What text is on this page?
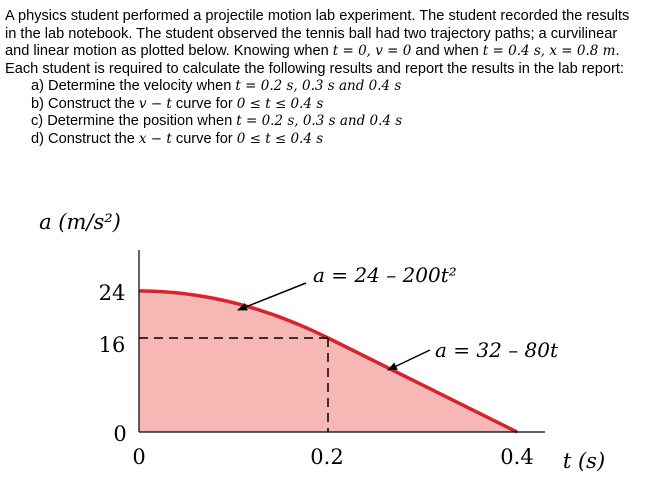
A physics student performed a projectile motion lab experiment. The student recorded the results in the lab notebook. The student observed the tennis ball had two trajectory paths; a curvilinear and linear motion as plotted below. Knowing when t = 0, v = 0 and when t = 0.4 s, x = 0.8 m. Each student is required to calculate the following results and report the results in the lab report:

a) Determine the velocity when t = 0.2 s, 0.3 s and 0.4 s
b) Construct the v − t curve for 0 ≤ t ≤ 0.4 s
c) Determine the position when t = 0.2 s, 0.3 s and 0.4 s
d) Construct the x − t curve for 0 ≤ t ≤ 0.4 s
a (m/s²)
t (s)
24
16
0
0	0.2	0.4
a = 24 – 200t²
a = 32 – 80t
